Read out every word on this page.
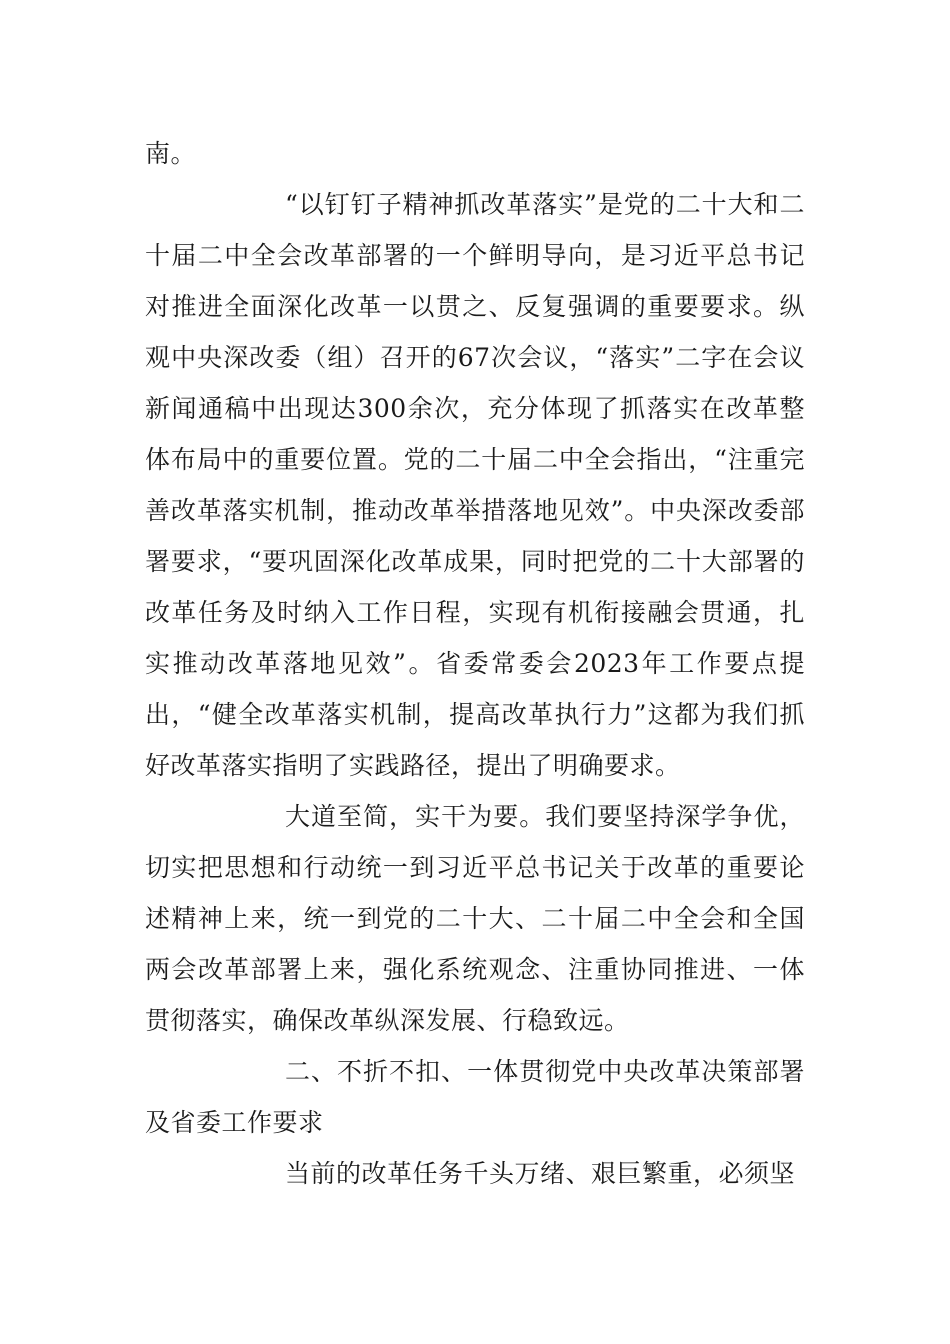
南。

“以钉钉子精神抓改革落实”是党的二十大和二十届二中全会改革部署的一个鲜明导向，是习近平总书记对推进全面深化改革一以贯之、反复强调的重要要求。纵观中央深改委（组）召开的67次会议，“落实”二字在会议新闻通稿中出现达300余次，充分体现了抓落实在改革整体布局中的重要位置。党的二十届二中全会指出，“注重完善改革落实机制，推动改革举措落地见效”。中央深改委部署要求，“要巩固深化改革成果，同时把党的二十大部署的改革任务及时纳入工作日程，实现有机衔接融会贯通，扎实推动改革落地见效”。省委常委会2023年工作要点提出，“健全改革落实机制，提高改革执行力”这都为我们抓好改革落实指明了实践路径，提出了明确要求。

大道至简，实干为要。我们要坚持深学争优，切实把思想和行动统一到习近平总书记关于改革的重要论述精神上来，统一到党的二十大、二十届二中全会和全国两会改革部署上来，强化系统观念、注重协同推进、一体贯彻落实，确保改革纵深发展、行稳致远。

二、不折不扣、一体贯彻党中央改革决策部署及省委工作要求

当前的改革任务千头万绪、艰巨繁重，必须坚
